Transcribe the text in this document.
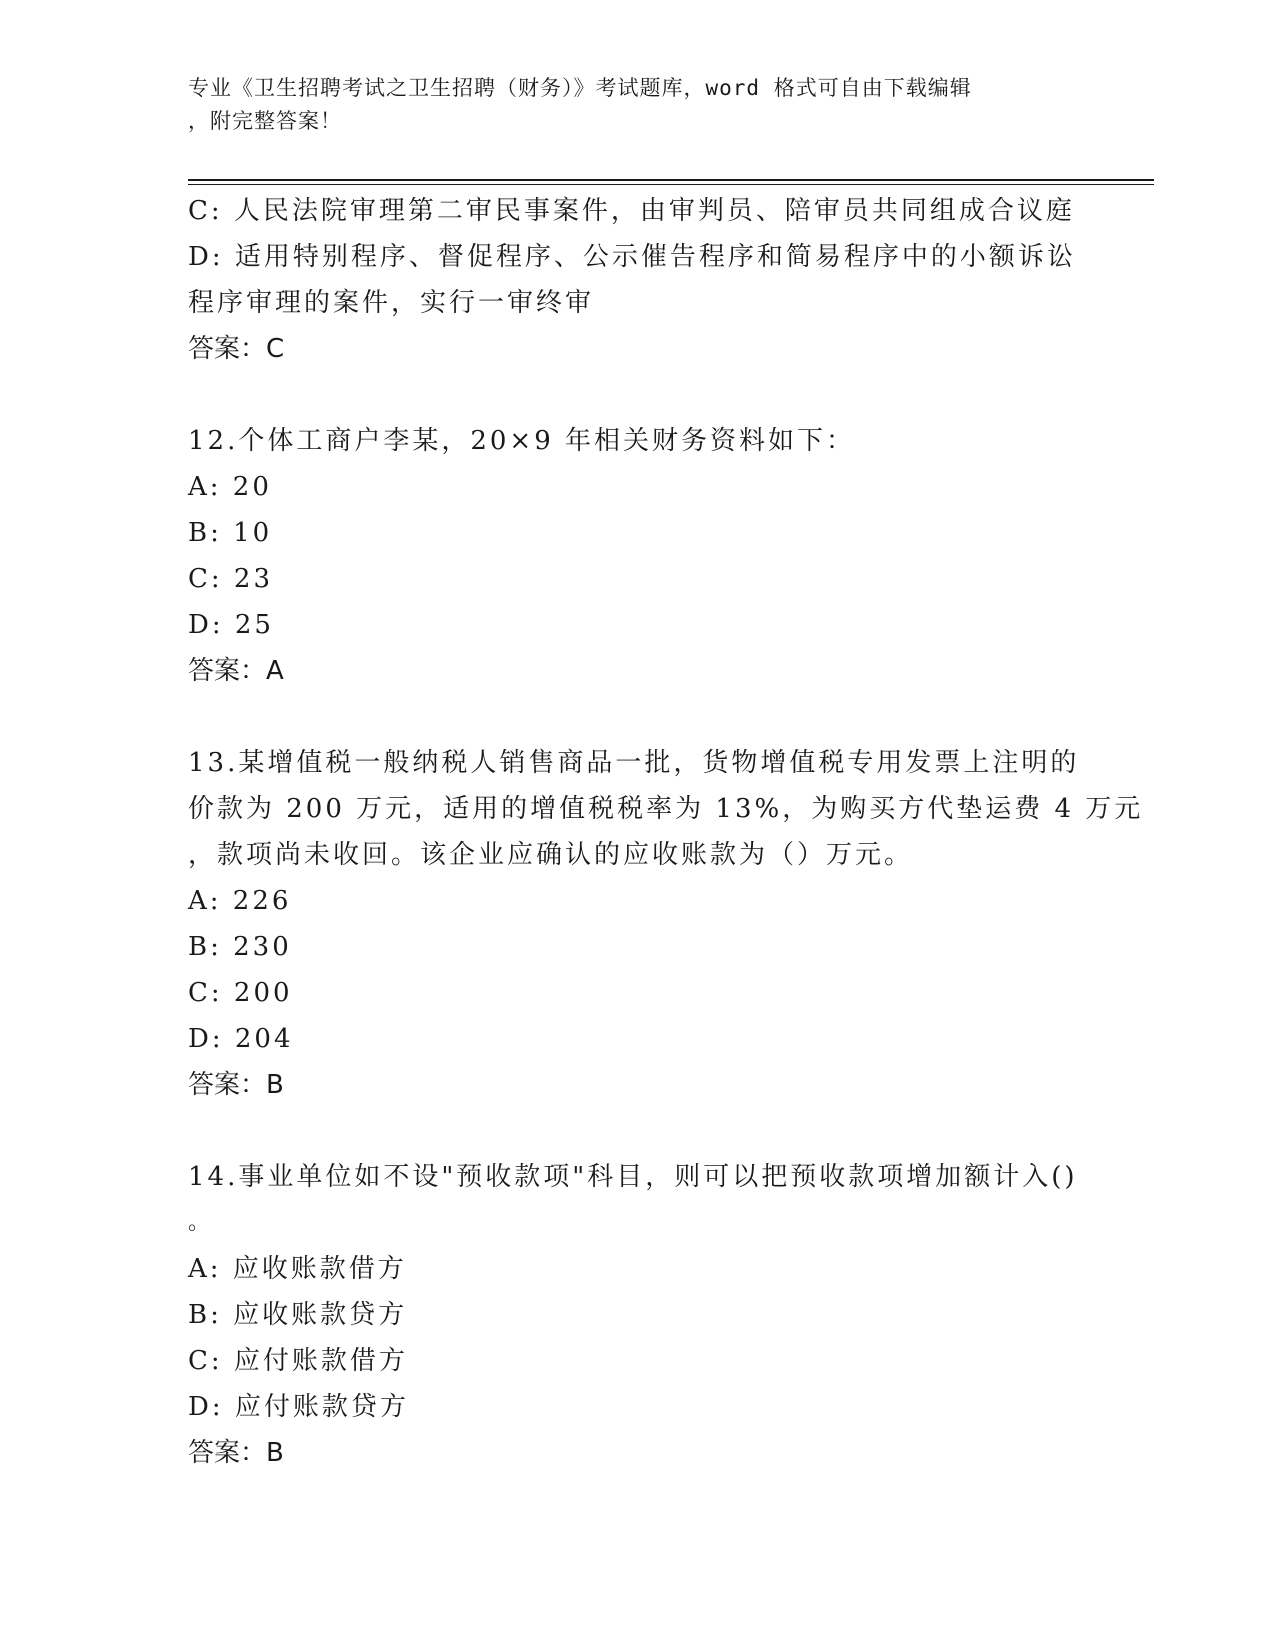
专业《卫生招聘考试之卫生招聘（财务）》考试题库，word 格式可自由下载编辑
，附完整答案！
C: 人民法院审理第二审民事案件，由审判员、陪审员共同组成合议庭
D: 适用特别程序、督促程序、公示催告程序和简易程序中的小额诉讼
程序审理的案件，实行一审终审
答案：C
12.个体工商户李某，20×9 年相关财务资料如下：
A: 20
B: 10
C: 23
D: 25
答案：A
13.某增值税一般纳税人销售商品一批，货物增值税专用发票上注明的
价款为 200 万元，适用的增值税税率为 13%，为购买方代垫运费 4 万元
，款项尚未收回。该企业应确认的应收账款为（）万元。
A: 226
B: 230
C: 200
D: 204
答案：B
14.事业单位如不设"预收款项"科目，则可以把预收款项增加额计入()
。
A: 应收账款借方
B: 应收账款贷方
C: 应付账款借方
D: 应付账款贷方
答案：B
